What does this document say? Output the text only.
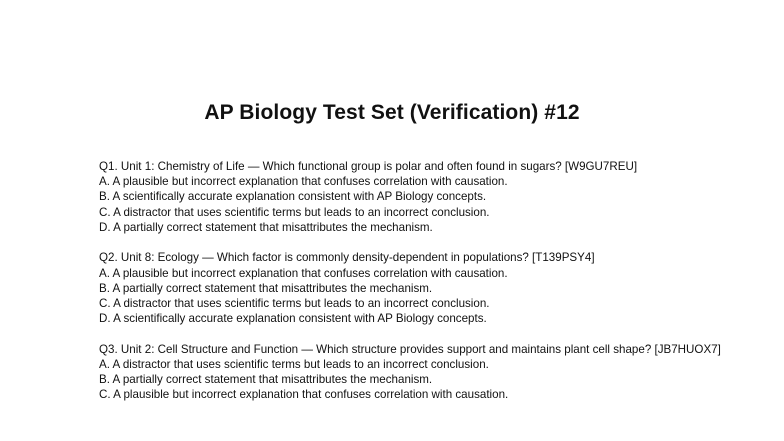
AP Biology Test Set (Verification) #12
Q1. Unit 1: Chemistry of Life — Which functional group is polar and often found in sugars? [W9GU7REU]
A. A plausible but incorrect explanation that confuses correlation with causation.
B. A scientifically accurate explanation consistent with AP Biology concepts.
C. A distractor that uses scientific terms but leads to an incorrect conclusion.
D. A partially correct statement that misattributes the mechanism.
Q2. Unit 8: Ecology — Which factor is commonly density-dependent in populations? [T139PSY4]
A. A plausible but incorrect explanation that confuses correlation with causation.
B. A partially correct statement that misattributes the mechanism.
C. A distractor that uses scientific terms but leads to an incorrect conclusion.
D. A scientifically accurate explanation consistent with AP Biology concepts.
Q3. Unit 2: Cell Structure and Function — Which structure provides support and maintains plant cell shape? [JB7HUOX7]
A. A distractor that uses scientific terms but leads to an incorrect conclusion.
B. A partially correct statement that misattributes the mechanism.
C. A plausible but incorrect explanation that confuses correlation with causation.
